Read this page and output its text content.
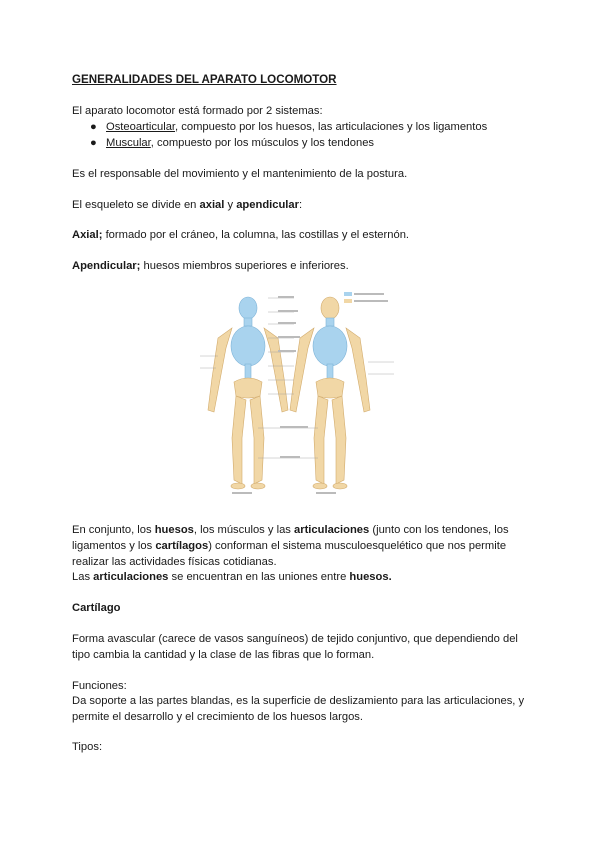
GENERALIDADES DEL APARATO LOCOMOTOR
El aparato locomotor está formado por 2 sistemas:
● Osteoarticular, compuesto por los huesos, las articulaciones y los ligamentos
● Muscular, compuesto por los músculos y los tendones
Es el responsable del movimiento y el mantenimiento de la postura.
El esqueleto se divide en axial y apendicular:
Axial; formado por el cráneo, la columna, las costillas y el esternón.
Apendicular; huesos miembros superiores e inferiores.
En conjunto, los huesos, los músculos y las articulaciones (junto con los tendones, los
ligamentos y los cartílagos) conforman el sistema musculoesquelético que nos permite
realizar las actividades físicas cotidianas.
Las articulaciones se encuentran en las uniones entre huesos.
Cartílago
Forma avascular (carece de vasos sanguíneos) de tejido conjuntivo, que dependiendo del
tipo cambia la cantidad y la clase de las fibras que lo forman.
Funciones:
Da soporte a las partes blandas, es la superficie de deslizamiento para las articulaciones, y
permite el desarrollo y el crecimiento de los huesos largos.
Tipos:
